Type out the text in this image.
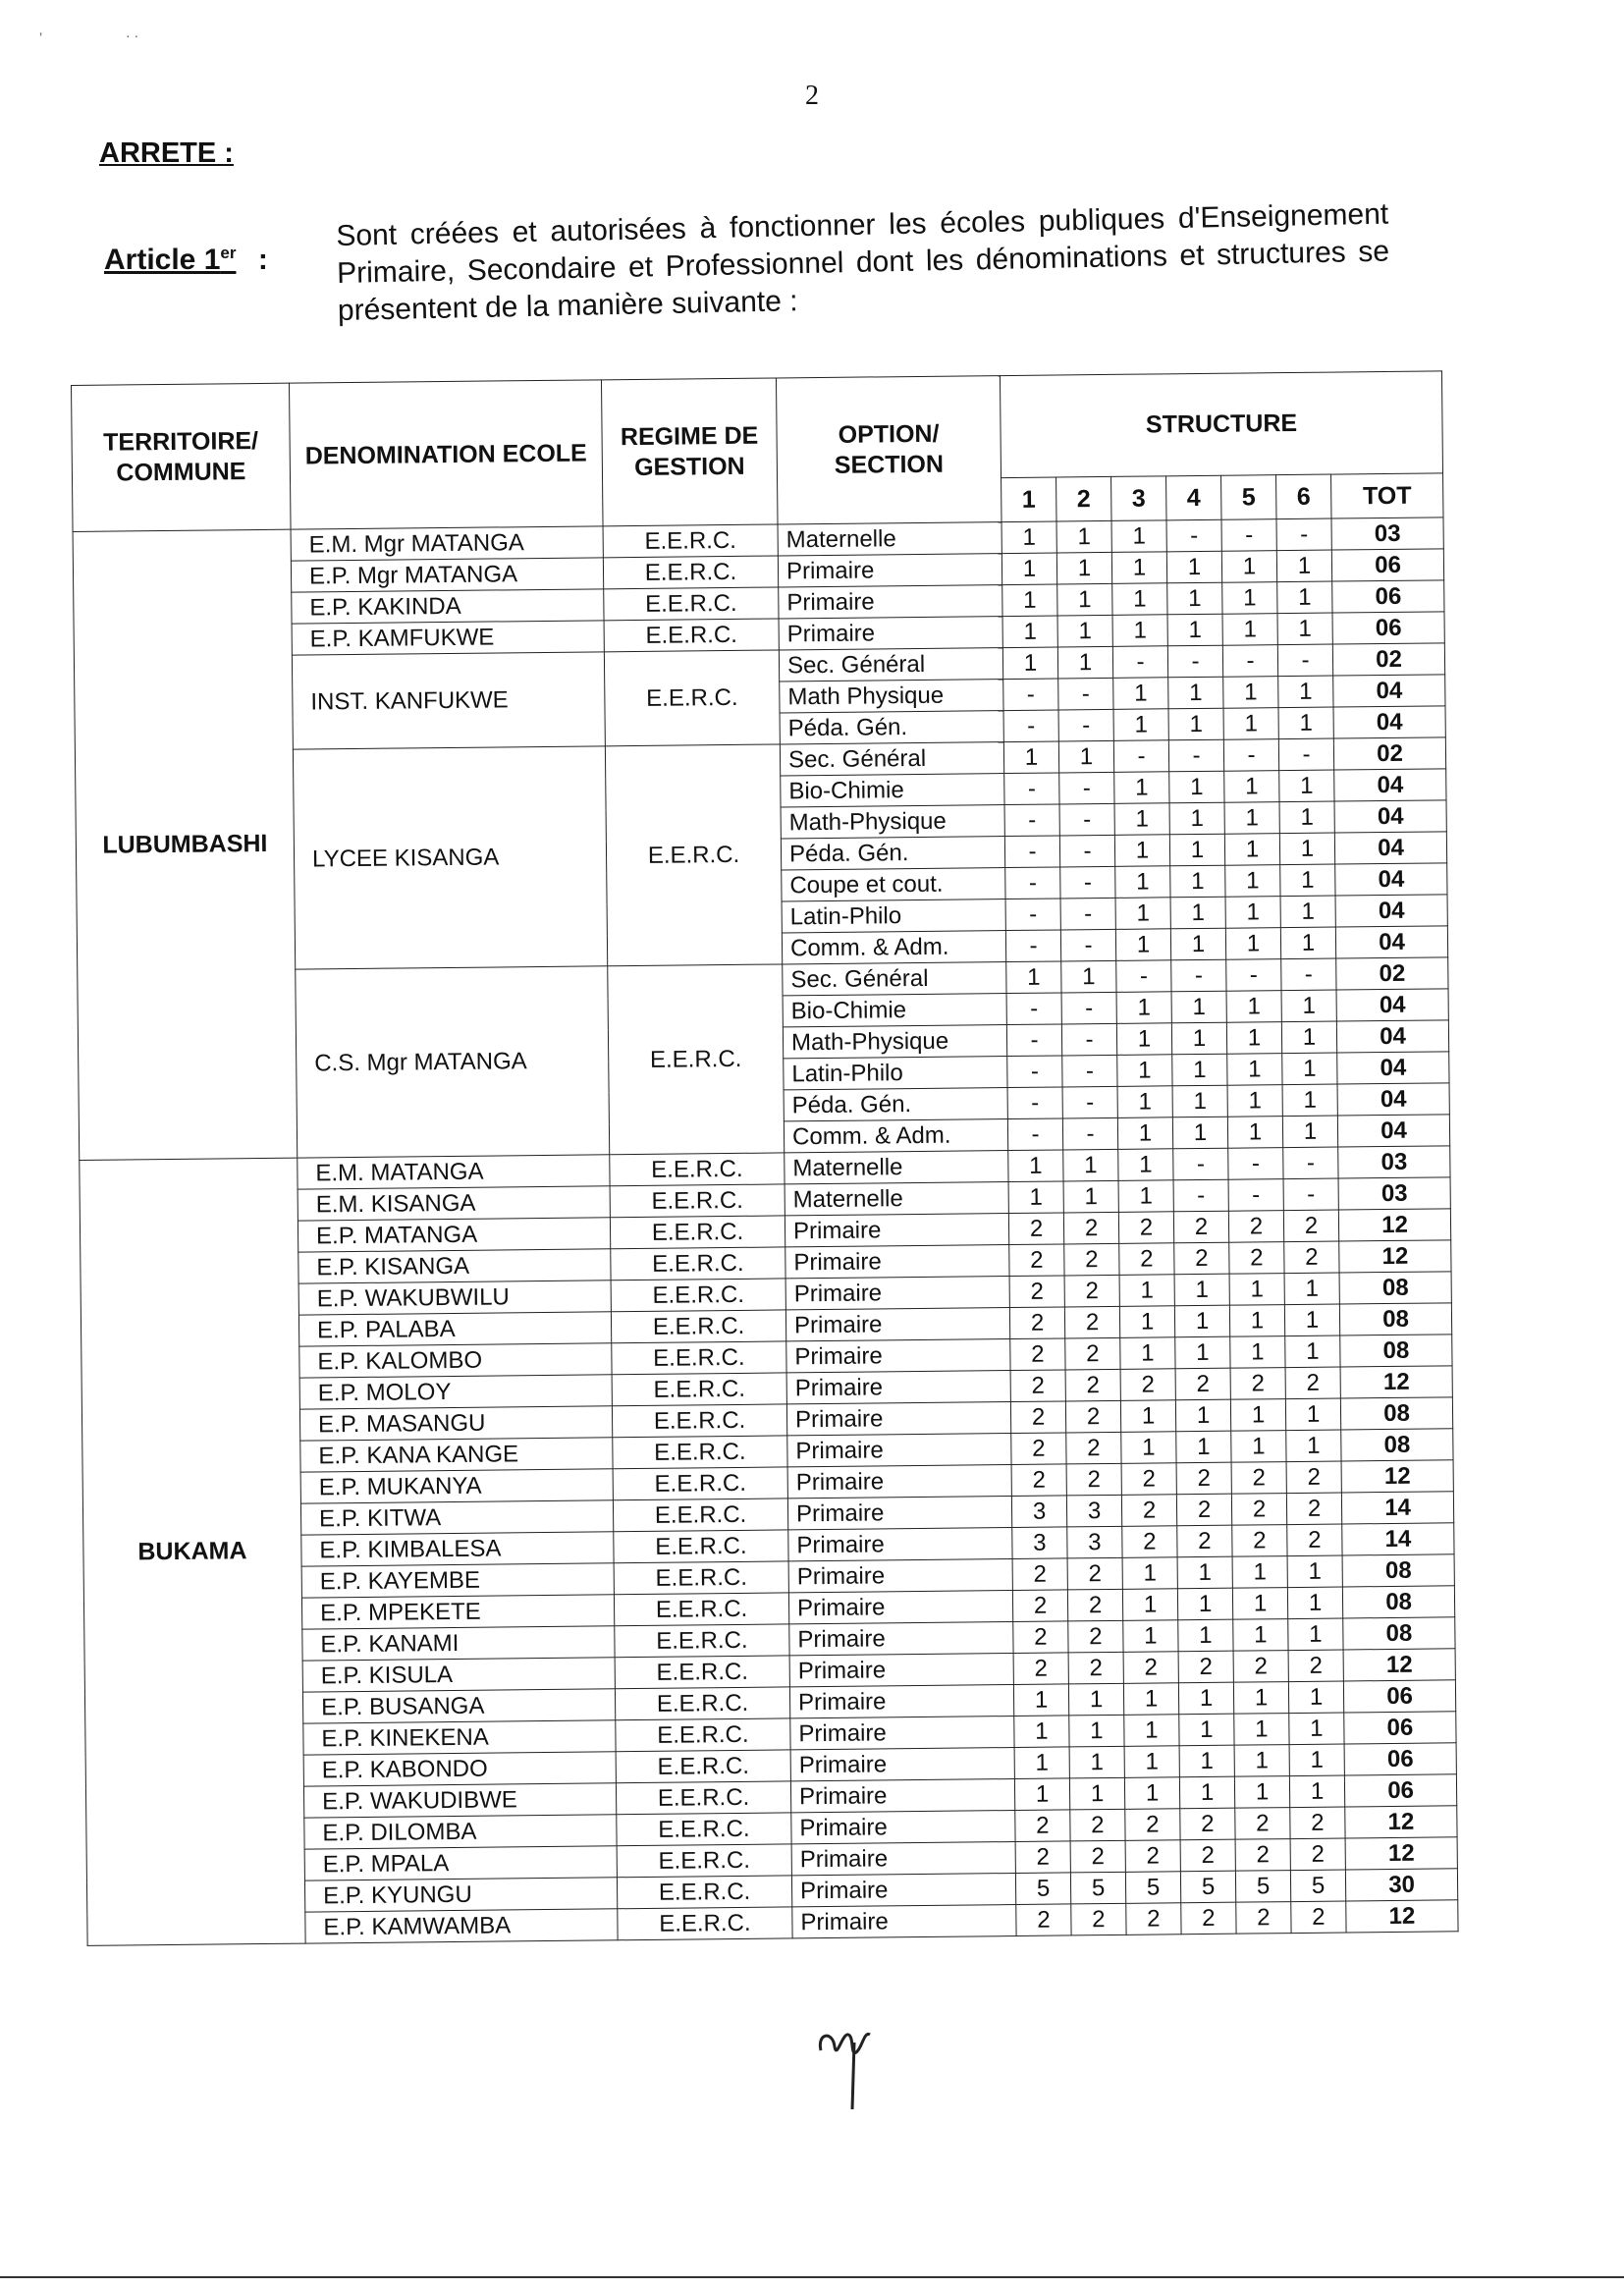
’	· ·
2
ARRETE :
Article 1er :
Sont créées et autorisées à fonctionner les écoles publiques d'Enseignement Primaire, Secondaire et Professionnel dont les dénominations et structures se présentent de la manière suivante :
TERRITOIRE/ COMMUNE	DENOMINATION ECOLE	REGIME DE GESTION	OPTION/ SECTION	STRUCTURE						
				1	2	3	4	5	6	TOT
LUBUMBASHI	E.M. Mgr MATANGA	E.E.R.C.	Maternelle	1	1	1	-	-	-	03
	E.P. Mgr MATANGA	E.E.R.C.	Primaire	1	1	1	1	1	1	06
	E.P. KAKINDA	E.E.R.C.	Primaire	1	1	1	1	1	1	06
	E.P. KAMFUKWE	E.E.R.C.	Primaire	1	1	1	1	1	1	06
	INST. KANFUKWE	E.E.R.C.	Sec. Général	1	1	-	-	-	-	02
			Math Physique	-	-	1	1	1	1	04
			Péda. Gén.	-	-	1	1	1	1	04
	LYCEE KISANGA	E.E.R.C.	Sec. Général	1	1	-	-	-	-	02
			Bio-Chimie	-	-	1	1	1	1	04
			Math-Physique	-	-	1	1	1	1	04
			Péda. Gén.	-	-	1	1	1	1	04
			Coupe et cout.	-	-	1	1	1	1	04
			Latin-Philo	-	-	1	1	1	1	04
			Comm. & Adm.	-	-	1	1	1	1	04
	C.S. Mgr MATANGA	E.E.R.C.	Sec. Général	1	1	-	-	-	-	02
			Bio-Chimie	-	-	1	1	1	1	04
			Math-Physique	-	-	1	1	1	1	04
			Latin-Philo	-	-	1	1	1	1	04
			Péda. Gén.	-	-	1	1	1	1	04
			Comm. & Adm.	-	-	1	1	1	1	04
BUKAMA	E.M. MATANGA	E.E.R.C.	Maternelle	1	1	1	-	-	-	03
	E.M. KISANGA	E.E.R.C.	Maternelle	1	1	1	-	-	-	03
	E.P. MATANGA	E.E.R.C.	Primaire	2	2	2	2	2	2	12
	E.P. KISANGA	E.E.R.C.	Primaire	2	2	2	2	2	2	12
	E.P. WAKUBWILU	E.E.R.C.	Primaire	2	2	1	1	1	1	08
	E.P. PALABA	E.E.R.C.	Primaire	2	2	1	1	1	1	08
	E.P. KALOMBO	E.E.R.C.	Primaire	2	2	1	1	1	1	08
	E.P. MOLOY	E.E.R.C.	Primaire	2	2	2	2	2	2	12
	E.P. MASANGU	E.E.R.C.	Primaire	2	2	1	1	1	1	08
	E.P. KANA KANGE	E.E.R.C.	Primaire	2	2	1	1	1	1	08
	E.P. MUKANYA	E.E.R.C.	Primaire	2	2	2	2	2	2	12
	E.P. KITWA	E.E.R.C.	Primaire	3	3	2	2	2	2	14
	E.P. KIMBALESA	E.E.R.C.	Primaire	3	3	2	2	2	2	14
	E.P. KAYEMBE	E.E.R.C.	Primaire	2	2	1	1	1	1	08
	E.P. MPEKETE	E.E.R.C.	Primaire	2	2	1	1	1	1	08
	E.P. KANAMI	E.E.R.C.	Primaire	2	2	1	1	1	1	08
	E.P. KISULA	E.E.R.C.	Primaire	2	2	2	2	2	2	12
	E.P. BUSANGA	E.E.R.C.	Primaire	1	1	1	1	1	1	06
	E.P. KINEKENA	E.E.R.C.	Primaire	1	1	1	1	1	1	06
	E.P. KABONDO	E.E.R.C.	Primaire	1	1	1	1	1	1	06
	E.P. WAKUDIBWE	E.E.R.C.	Primaire	1	1	1	1	1	1	06
	E.P. DILOMBA	E.E.R.C.	Primaire	2	2	2	2	2	2	12
	E.P. MPALA	E.E.R.C.	Primaire	2	2	2	2	2	2	12
	E.P. KYUNGU	E.E.R.C.	Primaire	5	5	5	5	5	5	30
	E.P. KAMWAMBA	E.E.R.C.	Primaire	2	2	2	2	2	2	12
